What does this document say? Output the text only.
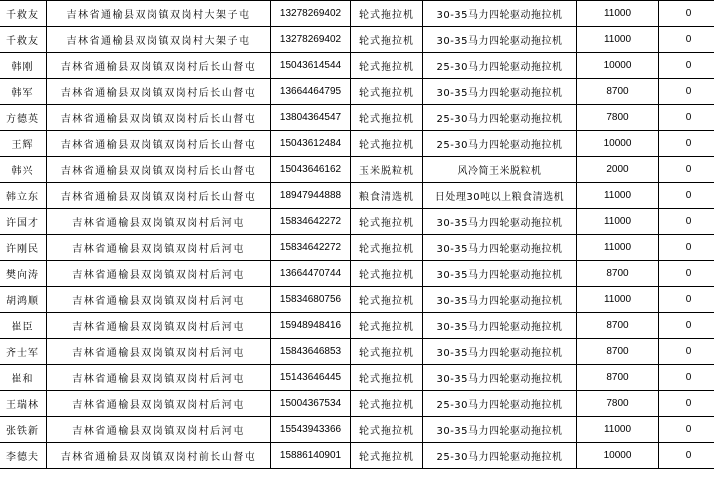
千救友	吉林省通榆县双岗镇双岗村大架子屯	13278269402	轮式拖拉机	30-35马力四轮驱动拖拉机	11000	0
千救友	吉林省通榆县双岗镇双岗村大架子屯	13278269402	轮式拖拉机	30-35马力四轮驱动拖拉机	11000	0
韩刚	吉林省通榆县双岗镇双岗村后长山督屯	15043614544	轮式拖拉机	25-30马力四轮驱动拖拉机	10000	0
韩军	吉林省通榆县双岗镇双岗村后长山督屯	13664464795	轮式拖拉机	30-35马力四轮驱动拖拉机	8700	0
方德英	吉林省通榆县双岗镇双岗村后长山督屯	13804364547	轮式拖拉机	25-30马力四轮驱动拖拉机	7800	0
王辉	吉林省通榆县双岗镇双岗村后长山督屯	15043612484	轮式拖拉机	25-30马力四轮驱动拖拉机	10000	0
韩兴	吉林省通榆县双岗镇双岗村后长山督屯	15043646162	玉米脱粒机	风冷简王米脱粒机	2000	0
韩立东	吉林省通榆县双岗镇双岗村后长山督屯	18947944888	粮食清选机	日处理30吨以上粮食清选机	11000	0
许国才	吉林省通榆县双岗镇双岗村后河屯	15834642272	轮式拖拉机	30-35马力四轮驱动拖拉机	11000	0
许刚民	吉林省通榆县双岗镇双岗村后河屯	15834642272	轮式拖拉机	30-35马力四轮驱动拖拉机	11000	0
樊向涛	吉林省通榆县双岗镇双岗村后河屯	13664470744	轮式拖拉机	30-35马力四轮驱动拖拉机	8700	0
胡鸿顺	吉林省通榆县双岗镇双岗村后河屯	15834680756	轮式拖拉机	30-35马力四轮驱动拖拉机	11000	0
崔臣	吉林省通榆县双岗镇双岗村后河屯	15948948416	轮式拖拉机	30-35马力四轮驱动拖拉机	8700	0
齐士军	吉林省通榆县双岗镇双岗村后河屯	15843646853	轮式拖拉机	30-35马力四轮驱动拖拉机	8700	0
崔和	吉林省通榆县双岗镇双岗村后河屯	15143646445	轮式拖拉机	30-35马力四轮驱动拖拉机	8700	0
王瑞林	吉林省通榆县双岗镇双岗村后河屯	15004367534	轮式拖拉机	25-30马力四轮驱动拖拉机	7800	0
张铁新	吉林省通榆县双岗镇双岗村后河屯	15543943366	轮式拖拉机	30-35马力四轮驱动拖拉机	11000	0
李德夫	吉林省通榆县双岗镇双岗村前长山督屯	15886140901	轮式拖拉机	25-30马力四轮驱动拖拉机	10000	0
